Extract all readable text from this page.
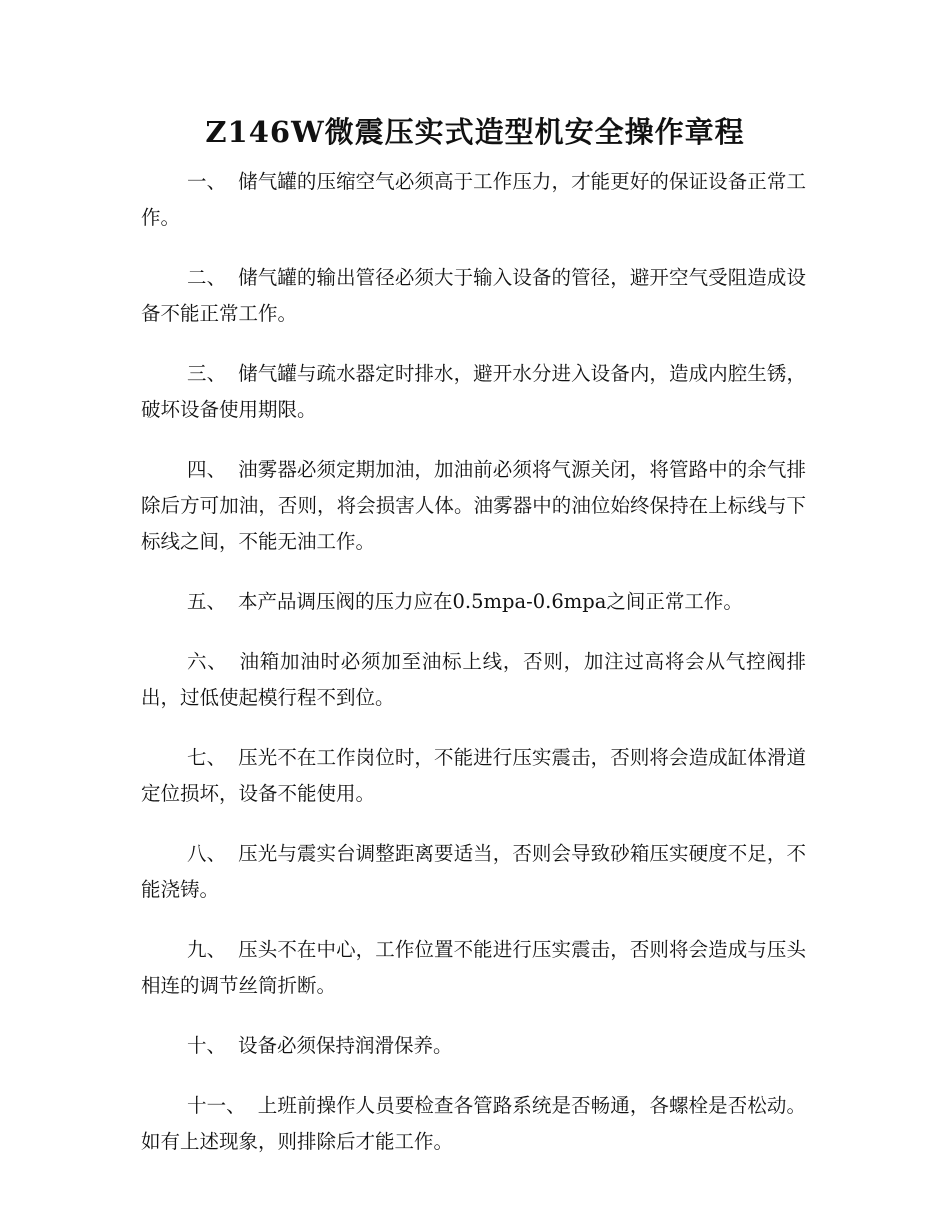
Z146W微震压实式造型机安全操作章程

一、 储气罐的压缩空气必须高于工作压力，才能更好的保证设备正常工作。

二、 储气罐的输出管径必须大于输入设备的管径，避开空气受阻造成设备不能正常工作。

三、 储气罐与疏水器定时排水，避开水分进入设备内，造成内腔生锈，破坏设备使用期限。

四、 油雾器必须定期加油，加油前必须将气源关闭，将管路中的余气排除后方可加油，否则，将会损害人体。油雾器中的油位始终保持在上标线与下标线之间，不能无油工作。

五、 本产品调压阀的压力应在0.5mpa-0.6mpa之间正常工作。

六、 油箱加油时必须加至油标上线，否则，加注过高将会从气控阀排出，过低使起模行程不到位。

七、 压光不在工作岗位时，不能进行压实震击，否则将会造成缸体滑道定位损坏，设备不能使用。

八、 压光与震实台调整距离要适当，否则会导致砂箱压实硬度不足，不能浇铸。

九、 压头不在中心，工作位置不能进行压实震击，否则将会造成与压头相连的调节丝筒折断。

十、 设备必须保持润滑保养。

十一、 上班前操作人员要检查各管路系统是否畅通，各螺栓是否松动。如有上述现象，则排除后才能工作。
